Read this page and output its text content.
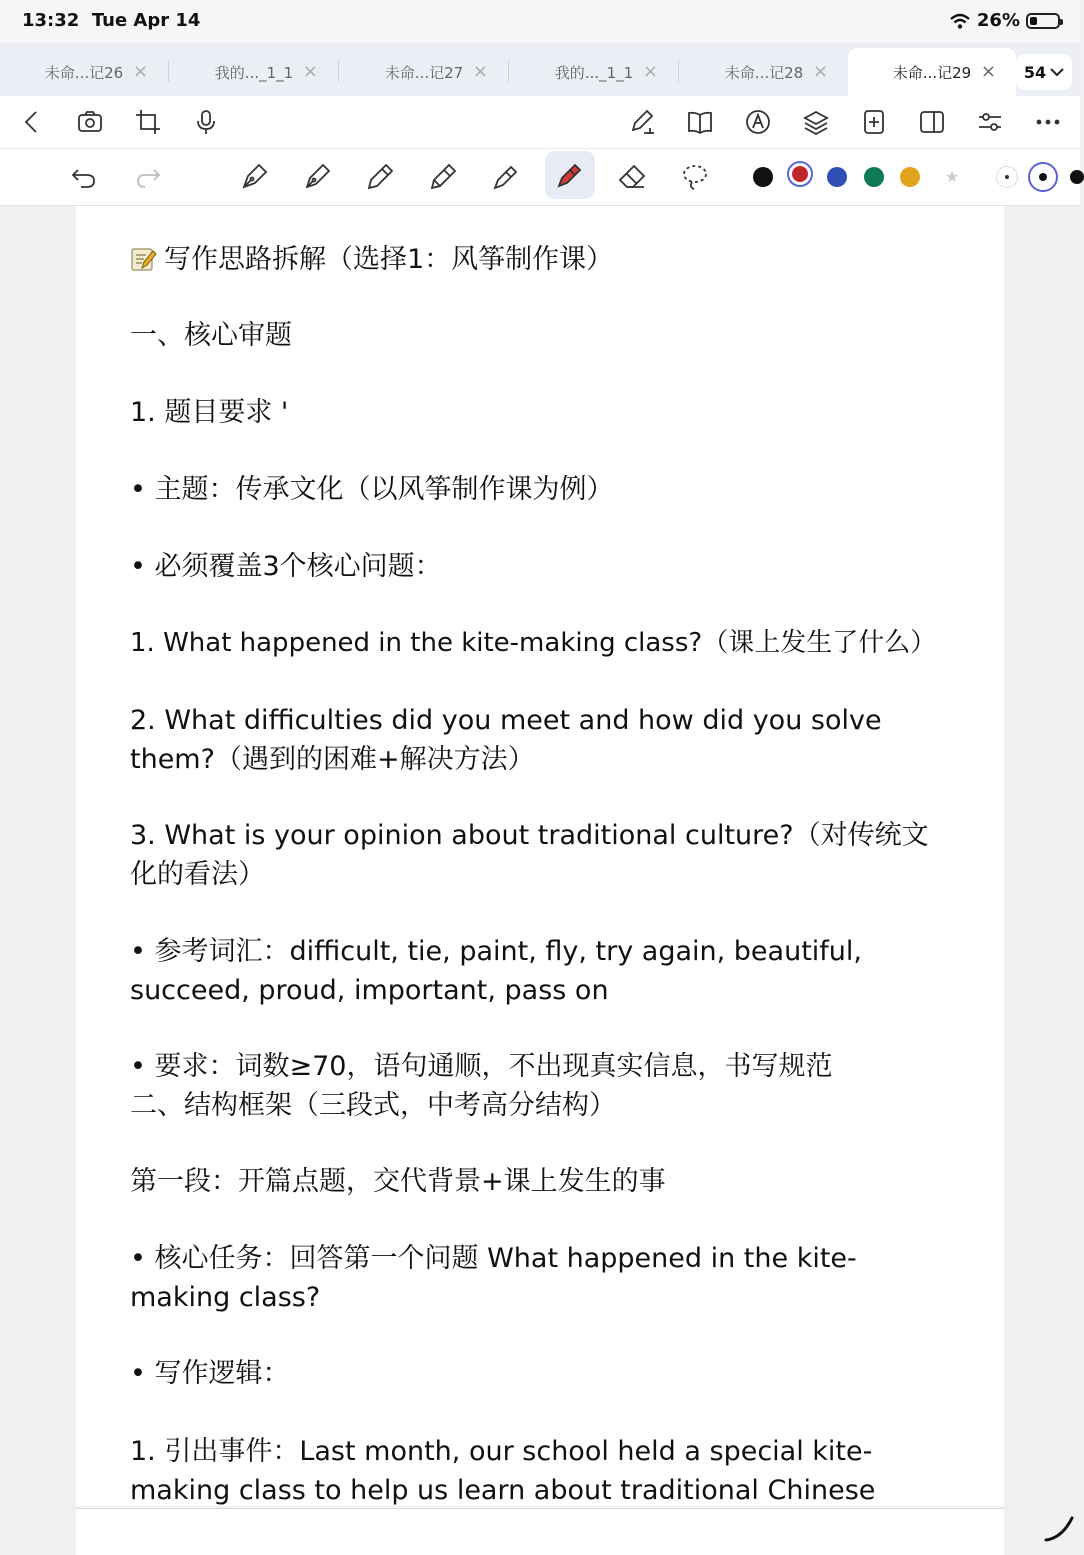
13:32 Tue Apr 14	26%
未命...记26 ×	我的..._1_1 ×	未命...记27 ×	我的..._1_1 ×	未命...记28 ×	未命...记29 × 54
★
写作思路拆解（选择1：风筝制作课）
一、核心审题
1. 题目要求 '
• 主题：传承文化（以风筝制作课为例）
• 必须覆盖3个核心问题：
1. What happened in the kite-making class?（课上发生了什么）
2. What difficulties did you meet and how did you solve them?（遇到的困难+解决方法）
3. What is your opinion about traditional culture?（对传统文化的看法）
• 参考词汇：difficult, tie, paint, fly, try again, beautiful, succeed, proud, important, pass on
• 要求：词数≥70，语句通顺，不出现真实信息，书写规范
二、结构框架（三段式，中考高分结构）
第一段：开篇点题，交代背景+课上发生的事
• 核心任务：回答第一个问题 What happened in the kite-making class?
• 写作逻辑：
1. 引出事件：Last month, our school held a special kite-making class to help us learn about traditional Chinese
